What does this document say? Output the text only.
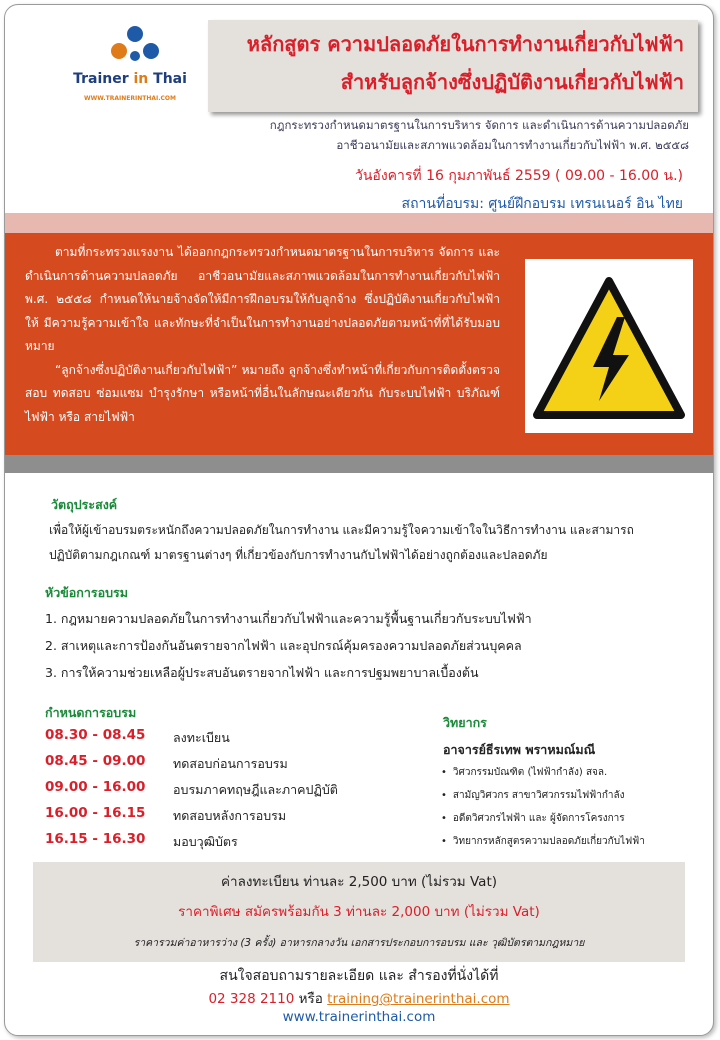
Trainer in Thai
WWW.TRAINERINTHAI.COM
หลักสูตร ความปลอดภัยในการทำงานเกี่ยวกับไฟฟ้า
สำหรับลูกจ้างซึ่งปฏิบัติงานเกี่ยวกับไฟฟ้า
กฎกระทรวงกำหนดมาตรฐานในการบริหาร จัดการ และดำเนินการด้านความปลอดภัย
อาชีวอนามัยและสภาพแวดล้อมในการทำงานเกี่ยวกับไฟฟ้า พ.ศ. ๒๕๕๘
วันอังคารที่ 16 กุมภาพันธ์ 2559 ( 09.00 - 16.00 น.)
สถานที่อบรม: ศูนย์ฝึกอบรม เทรนเนอร์ อิน ไทย

ตามที่กระทรวงแรงงาน ได้ออกกฎกระทรวงกำหนดมาตรฐานในการบริหาร จัดการ และดำเนินการด้านความปลอดภัย อาชีวอนามัยและสภาพแวดล้อมในการทำงานเกี่ยวกับไฟฟ้า พ.ศ. ๒๕๕๘ กำหนดให้นายจ้างจัดให้มีการฝึกอบรมให้กับลูกจ้าง ซึ่งปฏิบัติงานเกี่ยวกับไฟฟ้าให้ มีความรู้ความเข้าใจ และทักษะที่จำเป็นในการทำงานอย่างปลอดภัยตามหน้าที่ที่ได้รับมอบหมาย

“ลูกจ้างซึ่งปฏิบัติงานเกี่ยวกับไฟฟ้า” หมายถึง ลูกจ้างซึ่งทำหน้าที่เกี่ยวกับการติดตั้งตรวจสอบ ทดสอบ ซ่อมแซม บำรุงรักษา หรือหน้าที่อื่นในลักษณะเดียวกัน กับระบบไฟฟ้า บริภัณฑ์ไฟฟ้า หรือ สายไฟฟ้า

วัตถุประสงค์
เพื่อให้ผู้เข้าอบรมตระหนักถึงความปลอดภัยในการทำงาน และมีความรู้ใจความเข้าใจในวิธีการทำงาน และสามารถ
ปฏิบัติตามกฎเกณฑ์ มาตรฐานต่างๆ ที่เกี่ยวข้องกับการทำงานกับไฟฟ้าได้อย่างถูกต้องและปลอดภัย
หัวข้อการอบรม
1. กฎหมายความปลอดภัยในการทำงานเกี่ยวกับไฟฟ้าและความรู้พื้นฐานเกี่ยวกับระบบไฟฟ้า
2. สาเหตุและการป้องกันอันตรายจากไฟฟ้า และอุปกรณ์คุ้มครองความปลอดภัยส่วนบุคคล
3. การให้ความช่วยเหลือผู้ประสบอันตรายจากไฟฟ้า และการปฐมพยาบาลเบื้องต้น
กำหนดการอบรม
08.30 - 08.45 ลงทะเบียน
08.45 - 09.00 ทดสอบก่อนการอบรม
09.00 - 16.00 อบรมภาคทฤษฎีและภาคปฏิบัติ
16.00 - 16.15 ทดสอบหลังการอบรม
16.15 - 16.30 มอบวุฒิบัตร
วิทยากร
อาจารย์ธีรเทพ พราหมณ์มณี
• วิศวกรรมบัณฑิต (ไฟฟ้ากำลัง) สจล.
• สามัญวิศวกร สาขาวิศวกรรมไฟฟ้ากำลัง
• อดีตวิศวกรไฟฟ้า และ ผู้จัดการโครงการ
• วิทยากรหลักสูตรความปลอดภัยเกี่ยวกับไฟฟ้า
ค่าลงทะเบียน ท่านละ 2,500 บาท (ไม่รวม Vat)
ราคาพิเศษ สมัครพร้อมกัน 3 ท่านละ 2,000 บาท (ไม่รวม Vat)
ราคารวมค่าอาหารว่าง (3 ครั้ง) อาหารกลางวัน เอกสารประกอบการอบรม และ วุฒิบัตรตามกฎหมาย
สนใจสอบถามรายละเอียด และ สำรองที่นั่งได้ที่
02 328 2110 หรือ training@trainerinthai.com
www.trainerinthai.com
